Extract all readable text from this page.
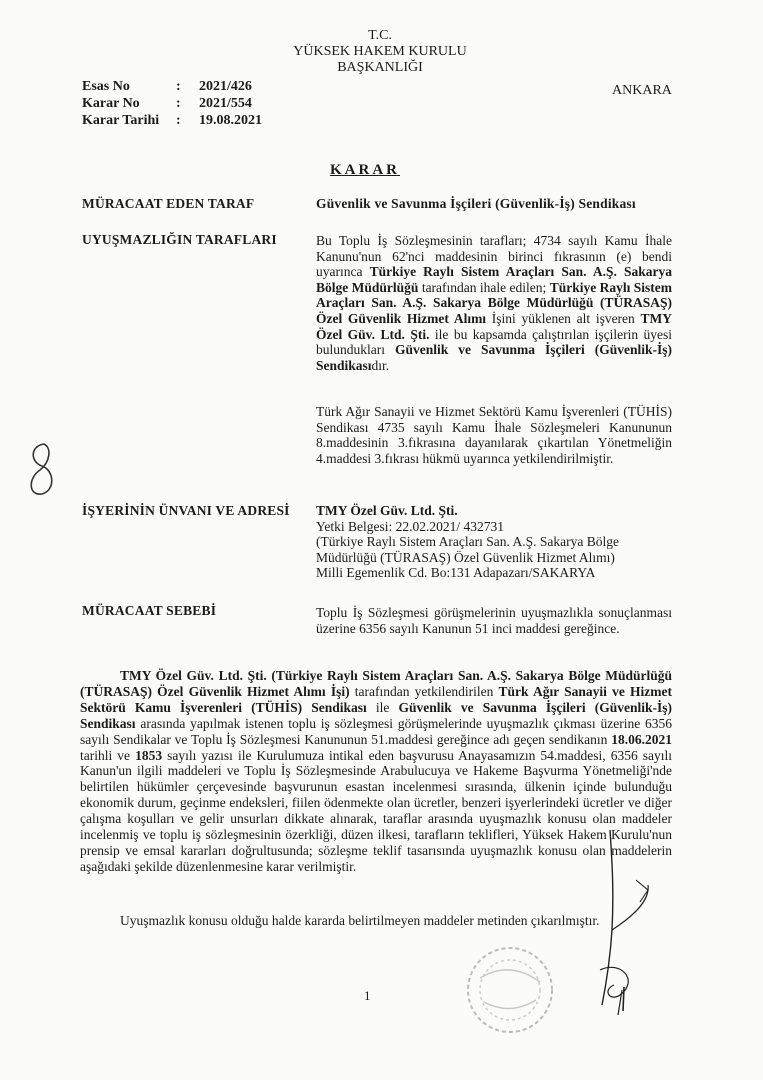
T.C.
YÜKSEK HAKEM KURULU
BAŞKANLIĞI
ANKARA
Esas No	: 2021/426
Karar No	: 2021/554
Karar Tarihi : 19.08.2021
KARAR
MÜRACAAT EDEN TARAF	Güvenlik ve Savunma İşçileri (Güvenlik-İş) Sendikası
UYUŞMAZLIĞIN TARAFLARI	Bu Toplu İş Sözleşmesinin tarafları; 4734 sayılı Kamu İhale Kanunu'nun 62'nci maddesinin birinci fıkrasının (e) bendi uyarınca Türkiye Raylı Sistem Araçları San. A.Ş. Sakarya Bölge Müdürlüğü tarafından ihale edilen; Türkiye Raylı Sistem Araçları San. A.Ş. Sakarya Bölge Müdürlüğü (TÜRASAŞ) Özel Güvenlik Hizmet Alımı İşini yüklenen alt işveren TMY Özel Güv. Ltd. Şti. ile bu kapsamda çalıştırılan işçilerin üyesi bulundukları Güvenlik ve Savunma İşçileri (Güvenlik-İş) Sendikasıdır.
Türk Ağır Sanayii ve Hizmet Sektörü Kamu İşverenleri (TÜHİS) Sendikası 4735 sayılı Kamu İhale Sözleşmeleri Kanununun 8.maddesinin 3.fıkrasına dayanılarak çıkartılan Yönetmeliğin 4.maddesi 3.fıkrası hükmü uyarınca yetkilendirilmiştir.
İŞYERİNİN ÜNVANI VE ADRESİ TMY Özel Güv. Ltd. Şti.
Yetki Belgesi: 22.02.2021/ 432731
(Türkiye Raylı Sistem Araçları San. A.Ş. Sakarya Bölge Müdürlüğü (TÜRASAŞ) Özel Güvenlik Hizmet Alımı)
Milli Egemenlik Cd. Bo:131 Adapazarı/SAKARYA
MÜRACAAT SEBEBİ	Toplu İş Sözleşmesi görüşmelerinin uyuşmazlıkla sonuçlanması üzerine 6356 sayılı Kanunun 51 inci maddesi gereğince.
TMY Özel Güv. Ltd. Şti. (Türkiye Raylı Sistem Araçları San. A.Ş. Sakarya Bölge Müdürlüğü (TÜRASAŞ) Özel Güvenlik Hizmet Alımı İşi) tarafından yetkilendirilen Türk Ağır Sanayii ve Hizmet Sektörü Kamu İşverenleri (TÜHİS) Sendikası ile Güvenlik ve Savunma İşçileri (Güvenlik-İş) Sendikası arasında yapılmak istenen toplu iş sözleşmesi görüşmelerinde uyuşmazlık çıkması üzerine 6356 sayılı Sendikalar ve Toplu İş Sözleşmesi Kanununun 51.maddesi gereğince adı geçen sendikanın 18.06.2021 tarihli ve 1853 sayılı yazısı ile Kurulumuza intikal eden başvurusu Anayasamızın 54.maddesi, 6356 sayılı Kanun'un ilgili maddeleri ve Toplu İş Sözleşmesinde Arabulucuya ve Hakeme Başvurma Yönetmeliği'nde belirtilen hükümler çerçevesinde başvurunun esastan incelenmesi sırasında, ülkenin içinde bulunduğu ekonomik durum, geçinme endeksleri, fiilen ödenmekte olan ücretler, benzeri işyerlerindeki ücretler ve diğer çalışma koşulları ve gelir unsurları dikkate alınarak, taraflar arasında uyuşmazlık konusu olan maddeler incelenmiş ve toplu iş sözleşmesinin özerkliği, düzen ilkesi, tarafların teklifleri, Yüksek Hakem Kurulu'nun prensip ve emsal kararları doğrultusunda; sözleşme teklif tasarısında uyuşmazlık konusu olan maddelerin aşağıdaki şekilde düzenlenmesine karar verilmiştir.
Uyuşmazlık konusu olduğu halde kararda belirtilmeyen maddeler metinden çıkarılmıştır.
1
